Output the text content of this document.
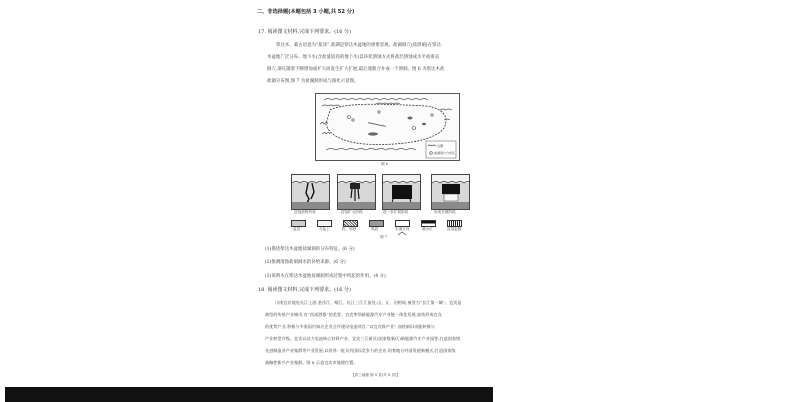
二、非选择题(本题包括 3 小题,共 52 分)
17. 阅读图文材料,完成下列要求。(16 分)
察达木、蒙古语意为“盐泽”,盐湖是察达木盆地的重要景观。盐湖洞穴(盐溶洞)在察达
木盆地广泛分布。地下水(含盐量较高的地下水)以环状溶蚀方式将盐层溶蚀成水平或垂直
洞穴,溶孔随着不断增加或扩大而发生扩大扩展,最后逐渐合并成一个溶洞。图 6 为察达木盐
盐湖分布图,图 7 为盐湖洞形成与演化示意图。
山脉
盐湖洞穴分布区
图 6
溶蚀洞的形成	溶蚀扩大阶段	进一步扩展阶段	形成充填阶段
盐层	含盐土	粉、细砂	黏质	水流方向	潜水位	溶蚀裂隙
图 7
(1)描述柴达木盆地盐湖洞的分布特征。(6 分)
(2)推测溶蚀盐洞洞水的补给来源。(6 分)
(3)说明水在柴达木盆地盐湖洞形成过程中所起的作用。(4 分)
18. 阅读图文材料,完成下列要求。(16 分)
川南宜宾地处长江上游,金沙江、岷江、长江三江汇流处,山、丘、河相间,被誉为“长江第一城”。宜宾是
典型的传统产业城市,有“西部酒都”的美誉。宜宾率领新能源汽车产业链一体化发展,加快形成宜宾
的优势产业,积极与多家国内知名企业合作建设电池项目,“以宜宾换产业”,加快新旧动能转换与
产业转型升级。宜宾以动力电池核心材料产业、宜宾三江新区(国家级新区)新能源汽车产业园等,打造国家级
先进制造业产业集群等产业发展,以培养一批具有国际竞争力的企业,培育地方经济发展新模式,打造国家级
战略性新兴产业集群。图 8 示意宜宾市地理位置。
【高三地理 第 5 页(共 8 页)】
